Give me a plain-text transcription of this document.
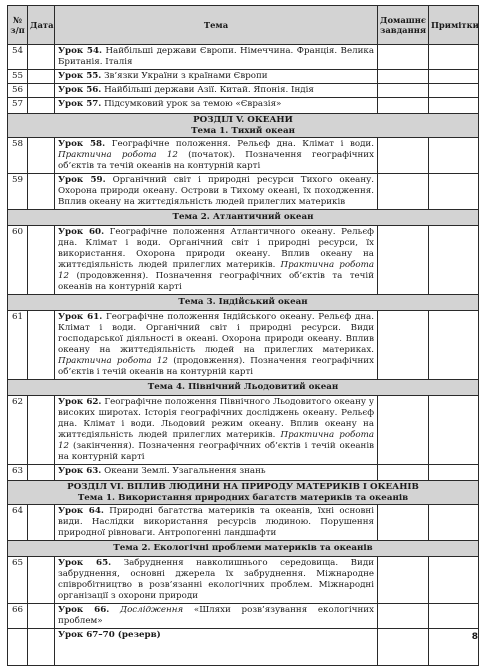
№ з/п	Дата	Тема	Домашнє завдання	Примітки
54		Урок 54. Найбільші держави Європи. Німеччина. Франція. Велика Британія. Італія		
55		Урок 55. Зв’язки України з країнами Європи		
56		Урок 56. Найбільші держави Азії. Китай. Японія. Індія		
57		Урок 57. Підсумковий урок за темою «Євразія»		

РОЗДІЛ V. ОКЕАНИ
Тема 1. Тихий океан				

58		Урок 58. Географічне положення. Рельєф дна. Клімат і води. Практична робота 12 (початок). Позначення географічних об’єктів та течій океанів на контурній карті		
59		Урок 59. Органічний світ і природні ресурси Тихого океану. Охорона природи океану. Острови в Тихому океані, їх походження. Вплив океану на життєдіяльність людей прилеглих материків		
Тема 2. Атлантичний океан				
60		Урок 60. Географічне положення Атлантичного океану. Рельєф дна. Клімат і води. Органічний світ і природні ресурси, їх використання. Охорона природи океану. Вплив океану на життєдіяльність людей прилеглих материків. Практична робота 12 (продовження). Позначення географічних об’єктів та течій океанів на контурній карті		
Тема 3. Індійський океан				
61		Урок 61. Географічне положення Індійського океану. Рельєф дна. Клімат і води. Органічний світ і природні ресурси. Види господарської діяльності в океані. Охорона природи океану. Вплив океану на життєдіяльність людей на прилеглих материках. Практична робота 12 (продовження). Позначення географічних об’єктів і течій океанів на контурній карті		
Тема 4. Північний Льодовитий океан				
62		Урок 62. Географічне положення Північного Льодовитого океану у високих широтах. Історія географічних досліджень океану. Рельєф дна. Клімат і води. Льодовий режим океану. Вплив океану на життєдіяльність людей прилеглих материків. Практична робота 12 (закінчення). Позначення географічних об’єктів і течій океанів на контурній карті		
63		Урок 63. Океани Землі. Узагальнення знань		

РОЗДІЛ VI. ВПЛИВ ЛЮДИНИ НА ПРИРОДУ МАТЕРИКІВ І ОКЕАНІВ
Тема 1. Використання природних багатств материків та океанів				

64		Урок 64. Природні багатства материків та океанів, їхні основні види. Наслідки використання ресурсів людиною. Порушення природної рівноваги. Антропогенні ландшафти		
Тема 2. Екологічні проблеми материків та океанів				
65		Урок 65. Забруднення навколишнього середовища. Види забруднення, основні джерела їх забруднення. Міжнародне співробітництво в розв’язанні екологічних проблем. Міжнародні організації з охорони природи		
66		Урок 66. Дослідження «Шляхи розв’язування екологічних проблем»		
		Урок 67–70 (резерв)			8
